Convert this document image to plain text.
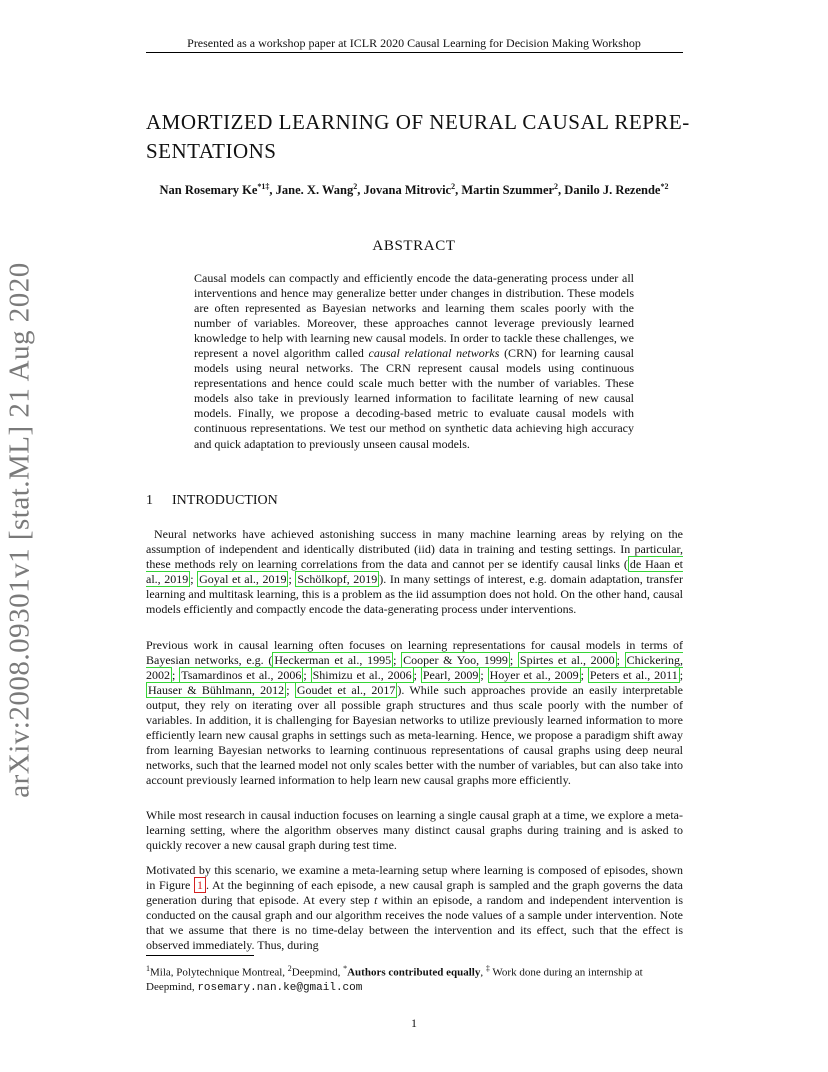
Presented as a workshop paper at ICLR 2020 Causal Learning for Decision Making Workshop
AMORTIZED LEARNING OF NEURAL CAUSAL REPRE-
SENTATIONS
Nan Rosemary $Ke^{*1\ddagger}$, Jane. X. Wang$^2$, Jovana Mitrovic$^2$, Martin Szummer$^2$, Danilo J. Rezende$^{*2}$
ABSTRACT
Causal models can compactly and efficiently encode the data-generating process under all interventions and hence may generalize better under changes in distribution. These models are often represented as Bayesian networks and learning them scales poorly with the number of variables. Moreover, these approaches cannot leverage previously learned knowledge to help with learning new causal models. In order to tackle these challenges, we represent a novel algorithm called causal relational networks (CRN) for learning causal models using neural networks. The CRN represent causal models using continuous representations and hence could scale much better with the number of variables. These models also take in previously learned information to facilitate learning of new causal models. Finally, we propose a decoding-based metric to evaluate causal models with continuous representations. We test our method on synthetic data achieving high accuracy and quick adaptation to previously unseen causal models.
1 INTRODUCTION
Neural networks have achieved astonishing success in many machine learning areas by relying on the assumption of independent and identically distributed (iid) data in training and testing settings. In particular, these methods rely on learning correlations from the data and cannot per se identify causal links ( de Haan et al., 2019 ; Goyal et al., 2019 ; Schölkopf, 2019 ). In many settings of interest, e.g. domain adaptation, transfer learning and multitask learning, this is a problem as the iid assumption does not hold. On the other hand, causal models efficiently and compactly encode the data-generating process under interventions.
Previous work in causal learning often focuses on learning representations for causal models in terms of Bayesian networks, e.g. ( Heckerman et al., 1995 ; Cooper & Yoo, 1999 ; Spirtes et al., 2000 ; Chickering, 2002 ; Tsamardinos et al., 2006 ; Shimizu et al., 2006 ; Pearl, 2009 ; Hoyer et al., 2009 ; Peters et al., 2011 ; Hauser & Bühlmann, 2012 ; Goudet et al., 2017 ). While such approaches provide an easily interpretable output, they rely on iterating over all possible graph structures and thus scale poorly with the number of variables. In addition, it is challenging for Bayesian networks to utilize previously learned information to more efficiently learn new causal graphs in settings such as meta-learning. Hence, we propose a paradigm shift away from learning Bayesian networks to learning continuous representations of causal graphs using deep neural networks, such that the learned model not only scales better with the number of variables, but can also take into account previously learned information to help learn new causal graphs more efficiently.
While most research in causal induction focuses on learning a single causal graph at a time, we explore a meta-learning setting, where the algorithm observes many distinct causal graphs during training and is asked to quickly recover a new causal graph during test time.
Motivated by this scenario, we examine a meta-learning setup where learning is composed of episodes, shown in Figure 1 . At the beginning of each episode, a new causal graph is sampled and the graph governs the data generation during that episode. At every step t within an episode, a random and independent intervention is conducted on the causal graph and our algorithm receives the node values of a sample under intervention. Note that we assume that there is no time-delay between the intervention and its effect, such that the effect is observed immediately. Thus, during
$^1$Mila, Polytechnique Montreal, $^2$Deepmind, *Authors contributed equally, ‡ Work done during an internship at Deepmind, rosemary.nan.ke@gmail.com
1
arXiv:2008.09301v1 [stat.ML] 21 Aug 2020
